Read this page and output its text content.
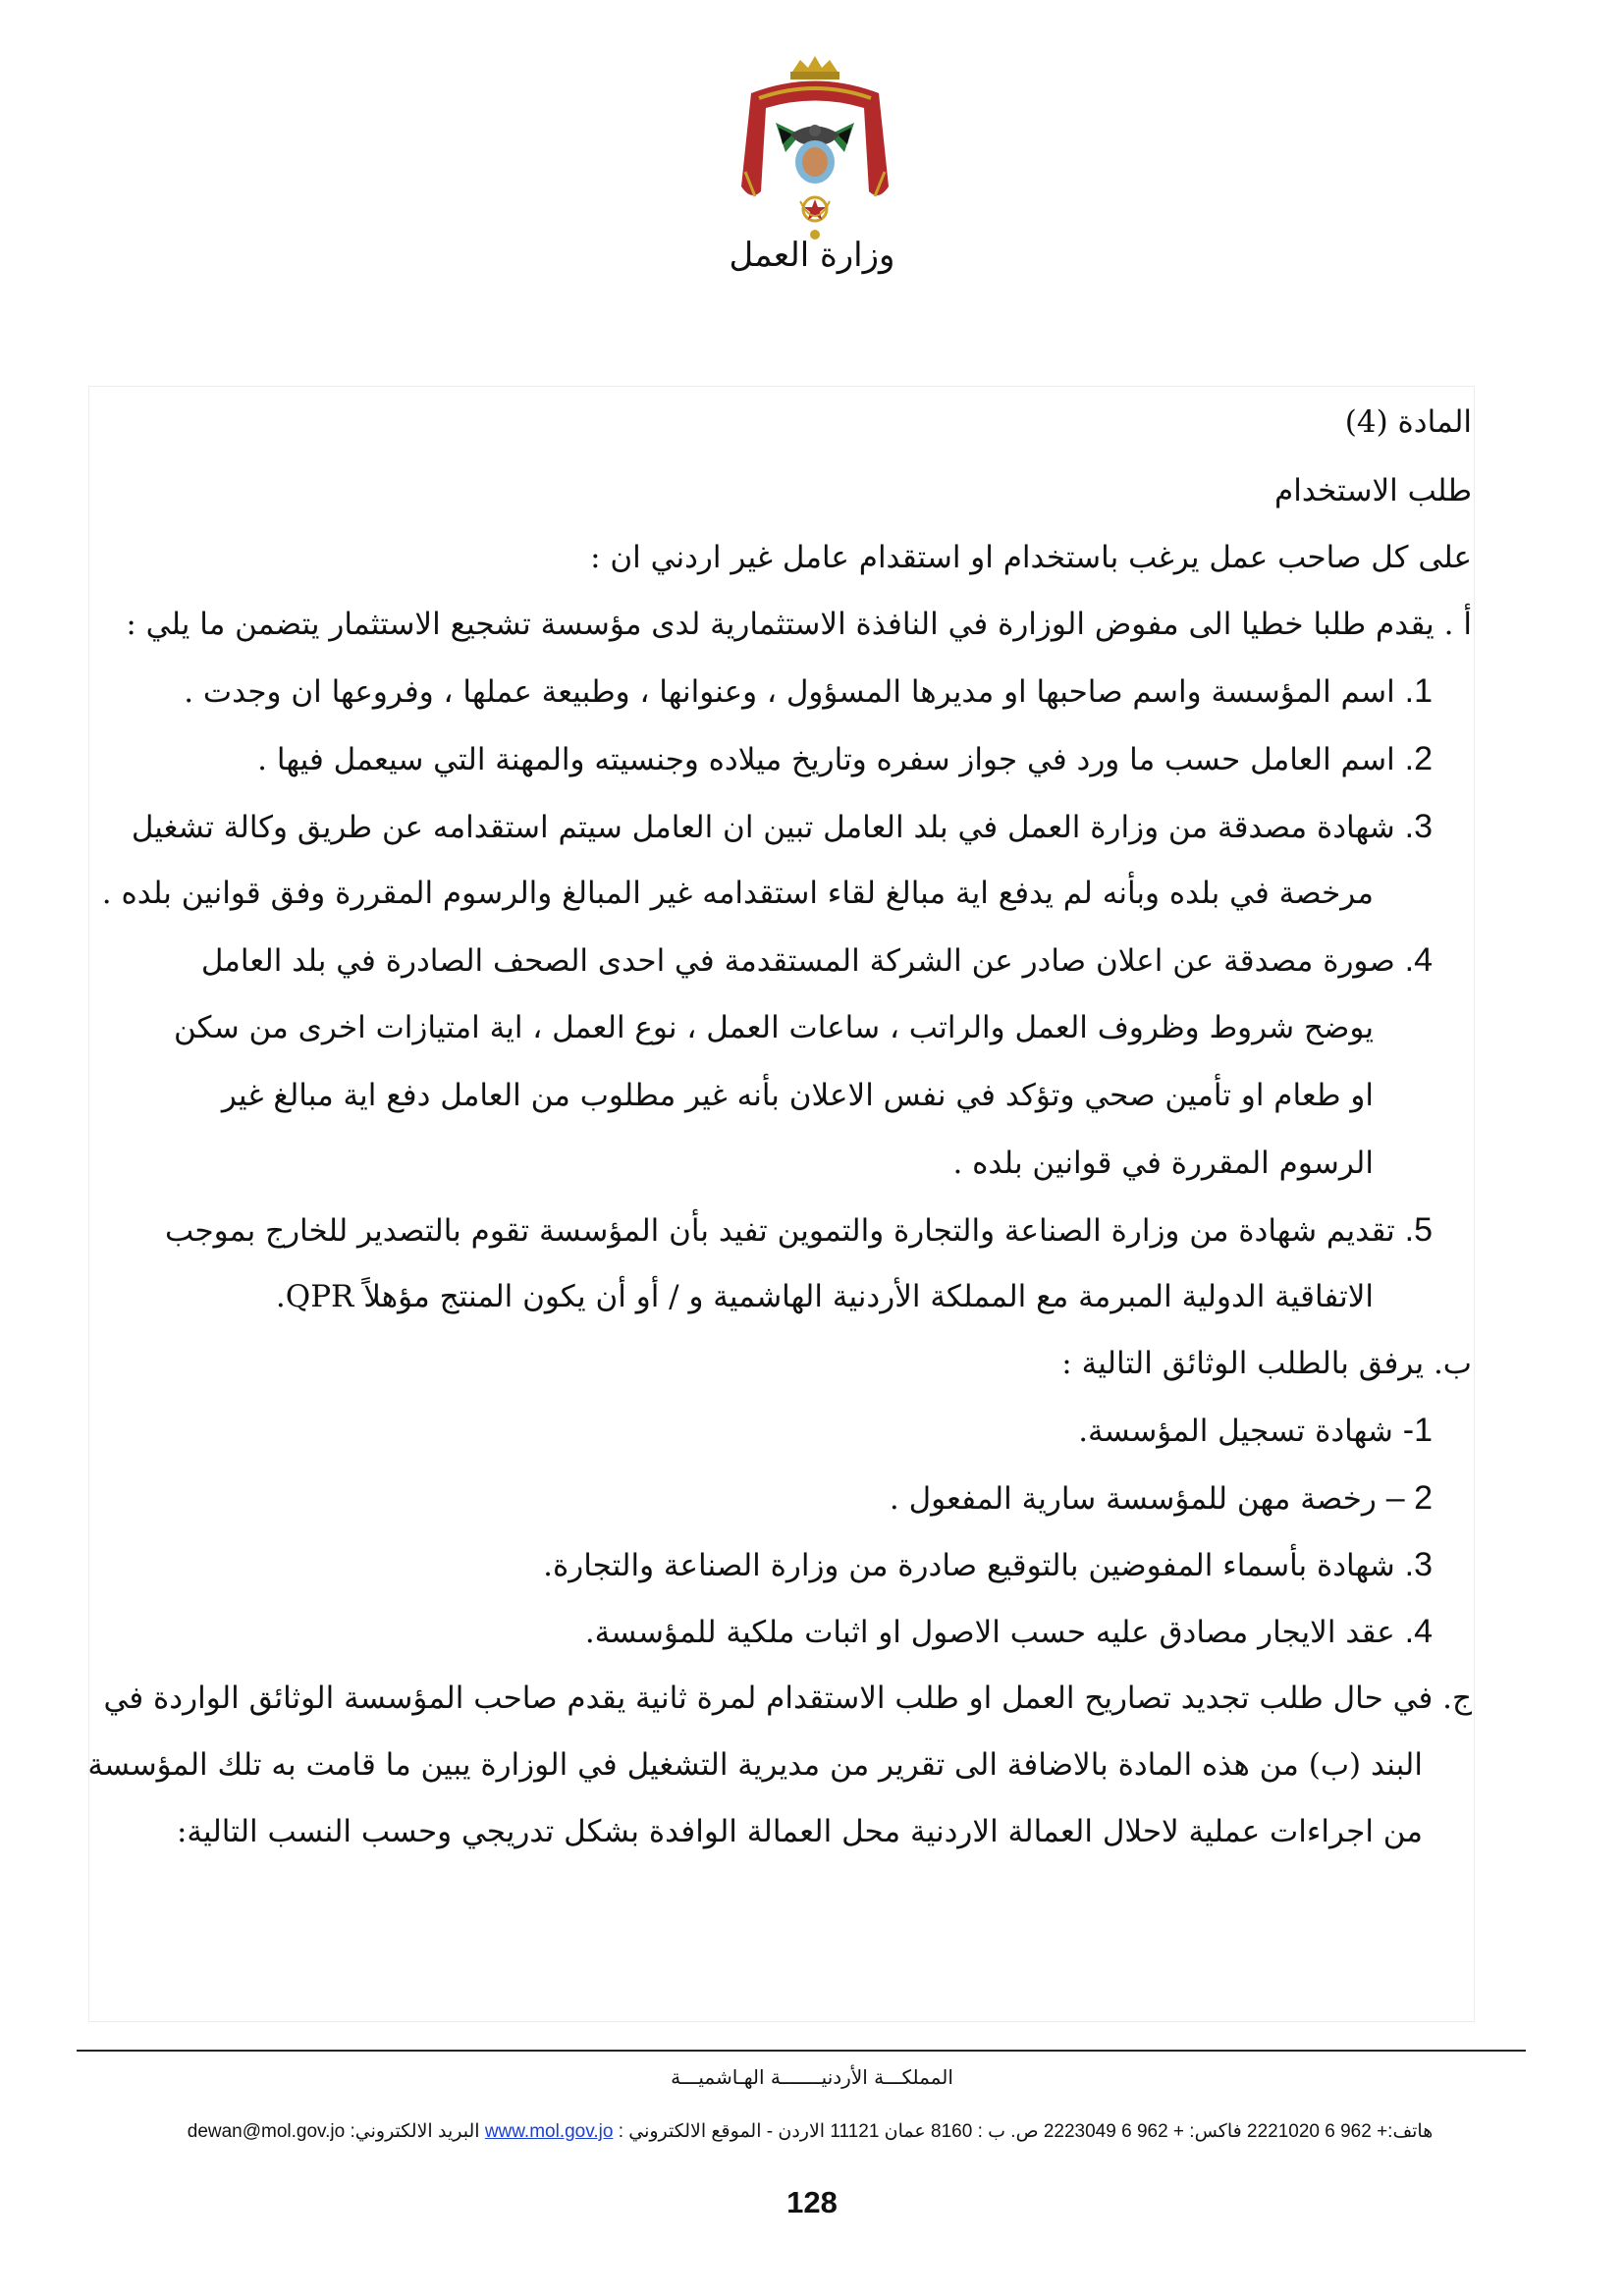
وزارة العمل
المادة (4)
طلب الاستخدام
على كل صاحب عمل يرغب باستخدام او استقدام عامل غير اردني ان :
أ . يقدم طلبا خطيا الى مفوض الوزارة في النافذة الاستثمارية لدى مؤسسة تشجيع الاستثمار يتضمن ما يلي :
1. اسم المؤسسة واسم صاحبها او مديرها المسؤول ، وعنوانها ، وطبيعة عملها ، وفروعها ان وجدت .
2. اسم العامل حسب ما ورد في جواز سفره وتاريخ ميلاده وجنسيته والمهنة التي سيعمل فيها .
3. شهادة مصدقة من وزارة العمل في بلد العامل تبين ان العامل سيتم استقدامه عن طريق وكالة تشغيل
مرخصة في بلده وبأنه لم يدفع اية مبالغ لقاء استقدامه غير المبالغ والرسوم المقررة وفق قوانين بلده .
4. صورة مصدقة عن اعلان صادر عن الشركة المستقدمة في احدى الصحف الصادرة في بلد العامل
يوضح شروط وظروف العمل والراتب ، ساعات العمل ، نوع العمل ، اية امتيازات اخرى من سكن
او طعام او تأمين صحي وتؤكد في نفس الاعلان بأنه غير مطلوب من العامل دفع اية مبالغ غير
الرسوم المقررة في قوانين بلده .
5. تقديم شهادة من وزارة الصناعة والتجارة والتموين تفيد بأن المؤسسة تقوم بالتصدير للخارج بموجب
الاتفاقية الدولية المبرمة مع المملكة الأردنية الهاشمية و / أو أن يكون المنتج مؤهلاً QPR.
ب. يرفق بالطلب الوثائق التالية :
1- شهادة تسجيل المؤسسة.
2 – رخصة مهن للمؤسسة سارية المفعول .
3. شهادة بأسماء المفوضين بالتوقيع صادرة من وزارة الصناعة والتجارة.
4. عقد الايجار مصادق عليه حسب الاصول او اثبات ملكية للمؤسسة.
ج. في حال طلب تجديد تصاريح العمل او طلب الاستقدام لمرة ثانية يقدم صاحب المؤسسة الوثائق الواردة في
البند (ب) من هذه المادة بالاضافة الى تقرير من مديرية التشغيل في الوزارة يبين ما قامت به تلك المؤسسة
من اجراءات عملية لاحلال العمالة الاردنية محل العمالة الوافدة بشكل تدريجي وحسب النسب التالية:
المملكـــة الأردنيـــــــة الهـاشميـــة
هاتف:+ 962 6 2221020 فاكس: + 962 6 2223049 ص. ب : 8160 عمان 11121 الاردن - الموقع الالكتروني : www.mol.gov.jo البريد الالكتروني: dewan@mol.gov.jo
128
